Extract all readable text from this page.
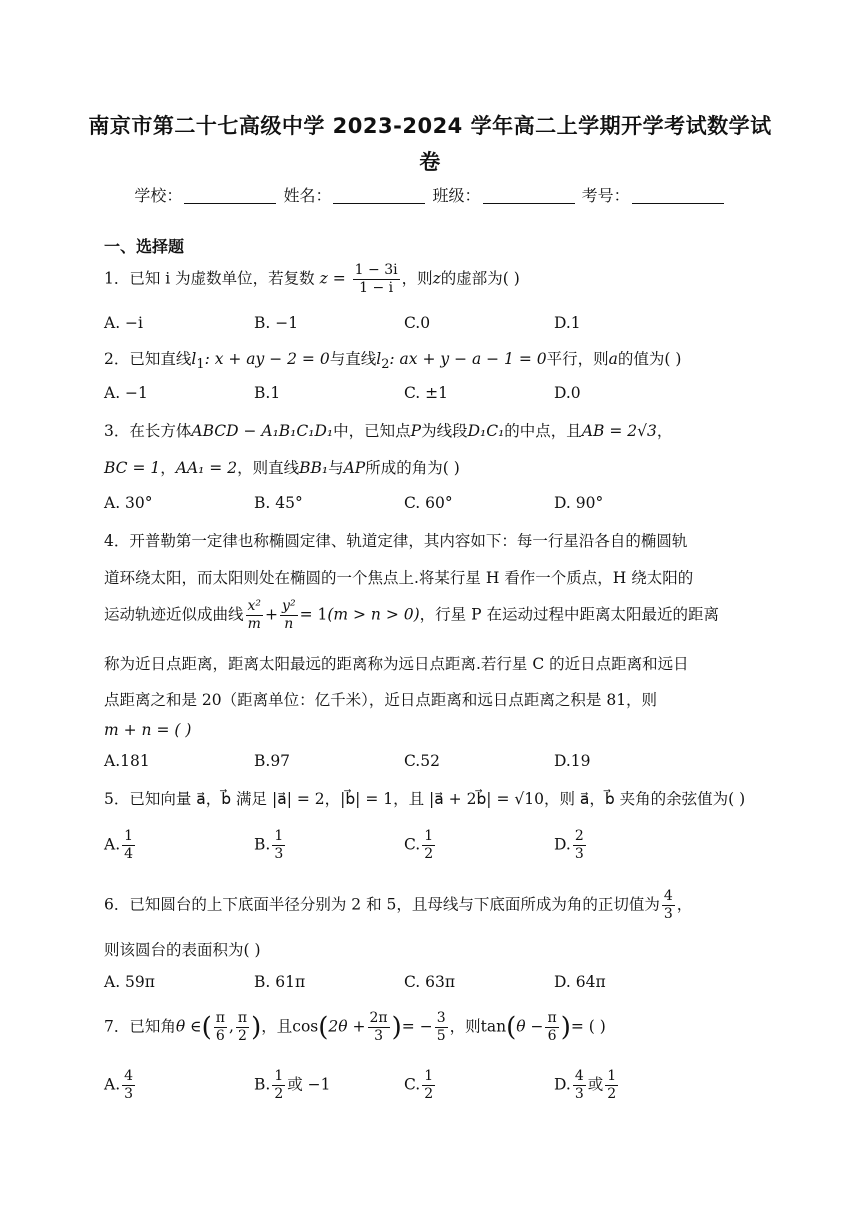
南京市第二十七高级中学 2023-2024 学年高二上学期开学考试数学试
卷
学校：	姓名：	班级：	考号：
一、选择题
1．已知 i 为虚数单位，若复数 $z = \frac{1 - 3i}{1 - i}$ ，则z的虚部为( )
A. −i	B. −1	C.0	D.1
2．已知直线$l_1$: x + ay − 2 = 0与直线$l_2$: ax + y − a − 1 = 0平行，则a的值为( )
A. −1	B.1	C. ±1	D.0
3．在长方体ABCD − A₁B₁C₁D₁中，已知点P为线段D₁C₁的中点，且AB = 2√3，
BC = 1，AA₁ = 2，则直线BB₁与AP所成的角为( )
A. 30°	B. 45°	C. 60°	D. 90°
4．开普勒第一定律也称椭圆定律、轨道定律，其内容如下：每一行星沿各自的椭圆轨
道环绕太阳，而太阳则处在椭圆的一个焦点上.将某行星 H 看作一个质点，H 绕太阳的
运动轨迹近似成曲线 $\frac{\text{x²}}{m} + \frac{\text{y²}}{n} = 1(m > n > 0)$，行星 P 在运动过程中距离太阳最近的距离
称为近日点距离，距离太阳最远的距离称为远日点距离.若行星 C 的近日点距离和远日
点距离之和是 20（距离单位：亿千米），近日点距离和远日点距离之积是 81，则
m + n = ( )
A.181	B.97	C.52	D.19
5．已知向量 a⃗，b⃗ 满足 |a⃗| = 2，|b⃗| = 1，且 |a⃗ + 2b⃗| = √10，则 a⃗，b⃗ 夹角的余弦值为( )
A. $\frac{1}{4}$	B. $\frac{1}{3}$	C. $\frac{1}{2}$	D. $\frac{2}{3}$
6．已知圆台的上下底面半径分别为 2 和 5，且母线与下底面所成为角的正切值为 $\frac{4}{3}$ ，
则该圆台的表面积为( )
A. 59π	B. 61π	C. 63π	D. 64π
7．已知角θ ∈( $\frac{\pi}{6}$ , $\frac{\pi}{2}$ )，且$\cos(2\theta + \frac{2\pi}{3}$ )= − $\frac{3}{5}$ ，则$\tan(\theta - \frac{\pi}{6}$ )= ( )
A. $\frac{4}{3}$	B. $\frac{1}{2}$ 或 −1	C. $\frac{1}{2}$	D. $\frac{4}{3}$ 或 $\frac{1}{2}$
